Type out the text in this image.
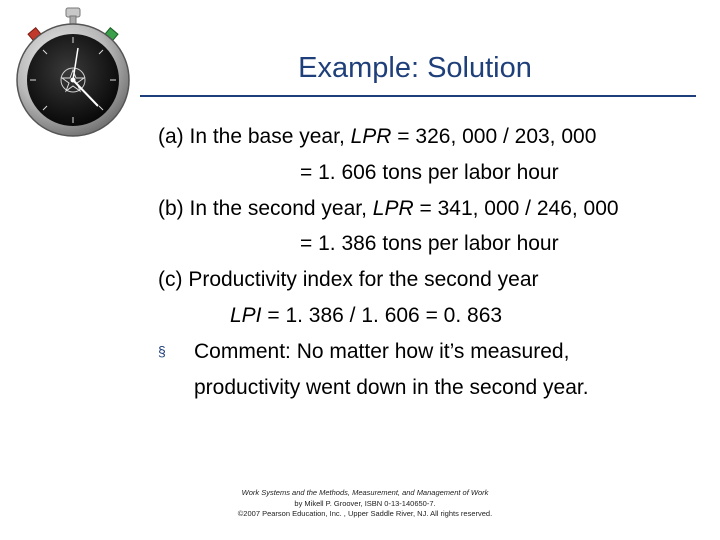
Example: Solution
(a) In the base year, LPR = 326, 000 / 203, 000
= 1. 606 tons per labor hour
(b) In the second year, LPR = 341, 000 / 246, 000
= 1. 386 tons per labor hour
(c) Productivity index for the second year
LPI = 1. 386 / 1. 606 = 0. 863
§ Comment: No matter how it’s measured,
productivity went down in the second year.
Work Systems and the Methods, Measurement, and Management of Work
by Mikell P. Groover, ISBN 0-13-140650-7.
©2007 Pearson Education, Inc. , Upper Saddle River, NJ. All rights reserved.
